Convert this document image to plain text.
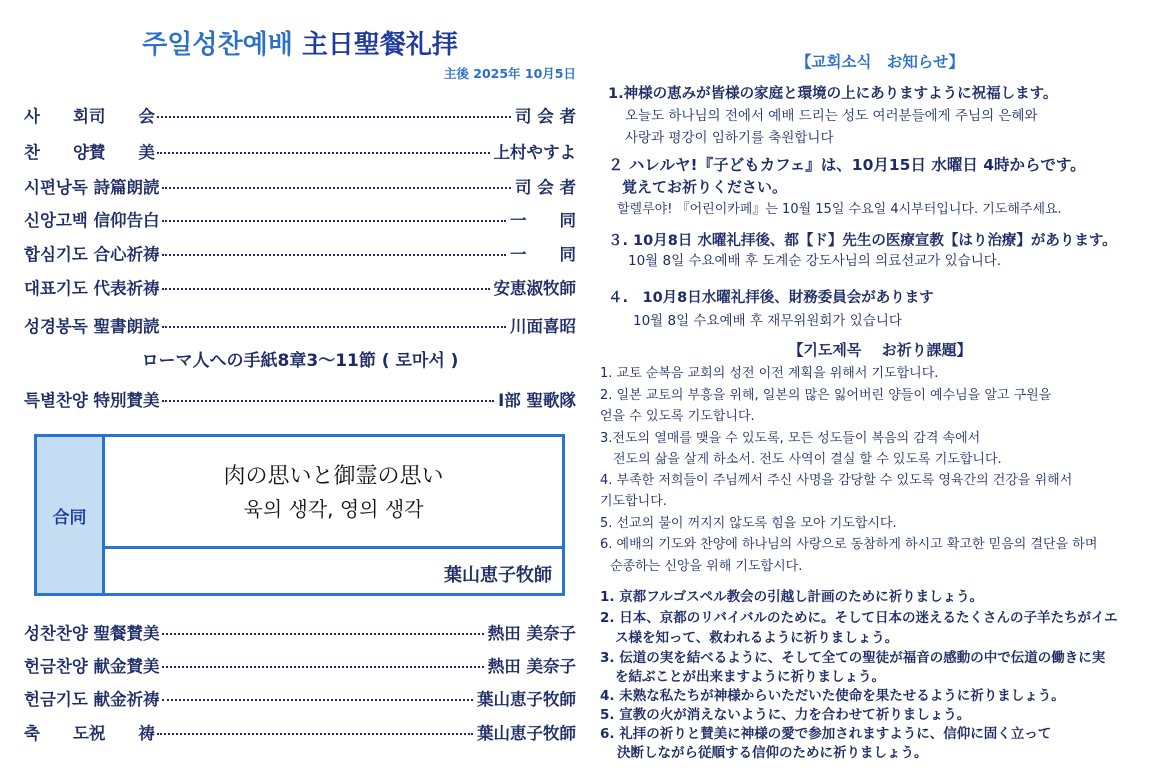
주일성찬예배 主日聖餐礼拝
主後 2025年 10月5日
사　　회司　　会	司 会 者
찬　　양賛　　美	上村やすよ
시편낭독 詩篇朗読	司 会 者
신앙고백 信仰告白	一　　同
합심기도 合心祈祷	一　　同
대표기도 代表祈祷	安恵淑牧師
성경봉독 聖書朗読	川面喜昭
ローマ人への手紙8章3～11節 ( 로마서 )
특별찬양 特別賛美	Ⅰ部 聖歌隊
合同
肉の思いと御霊の思い
육의 생각, 영의 생각
葉山恵子牧師
성찬찬양 聖餐賛美	熱田 美奈子
헌금찬양 献金賛美	熱田 美奈子
헌금기도 献金祈祷	葉山恵子牧師
축　　도祝　　祷	葉山恵子牧師
【교회소식　お知らせ】
1.神様の恵みが皆様の家庭と環境の上にありますように祝福します。
오늘도 하나님의 전에서 예배 드리는 성도 여러분들에게 주님의 은혜와
사랑과 평강이 임하기를 축원합니다
２ ハレルヤ!『子どもカフェ』は、10月15日 水曜日 4時からです。
覚えてお祈りください。
할렐루야! 『어린이카페』는 10월 15일 수요일 4시부터입니다. 기도해주세요.
３. 10月8日 水曜礼拝後、都【ド】先生の医療宣教【はり治療】があります。
10월 8일 수요예배 후 도계순 강도사님의 의료선교가 있습니다.
４.　10月8日水曜礼拝後、財務委員会があります
10월 8일 수요예배 후 재무위원회가 있습니다
【기도제목　 お祈り課題】
1. 교토 순복음 교회의 성전 이전 계획을 위해서 기도합니다.
2. 일본 교토의 부흥을 위해, 일본의 많은 잃어버린 양들이 예수님을 알고 구원을
얻을 수 있도록 기도합니다.
3.전도의 열매를 맺을 수 있도록, 모든 성도들이 복음의 감격 속에서
전도의 삶을 살게 하소서. 전도 사역이 결실 할 수 있도록 기도합니다.
4. 부족한 저희들이 주님께서 주신 사명을 감당할 수 있도록 영육간의 건강을 위해서
기도합니다.
5. 선교의 불이 꺼지지 않도록 힘을 모아 기도합시다.
6. 예배의 기도와 찬양에 하나님의 사랑으로 동참하게 하시고 확고한 믿음의 결단을 하며
순종하는 신앙을 위해 기도합시다.
1. 京都フルゴスペル教会の引越し計画のために祈りましょう。
2. 日本、京都のリバイバルのために。そして日本の迷えるたくさんの子羊たちがイエ
ス様を知って、救われるように祈りましょう。
3. 伝道の実を結べるように、そして全ての聖徒が福音の感動の中で伝道の働きに実
を結ぶことが出来ますように祈りましょう。
4. 未熟な私たちが神様からいただいた使命を果たせるように祈りましょう。
5. 宣教の火が消えないように、力を合わせて祈りましょう。
6. 礼拝の祈りと賛美に神様の愛で参加されますように、信仰に固く立って
決断しながら従順する信仰のために祈りましょう。
